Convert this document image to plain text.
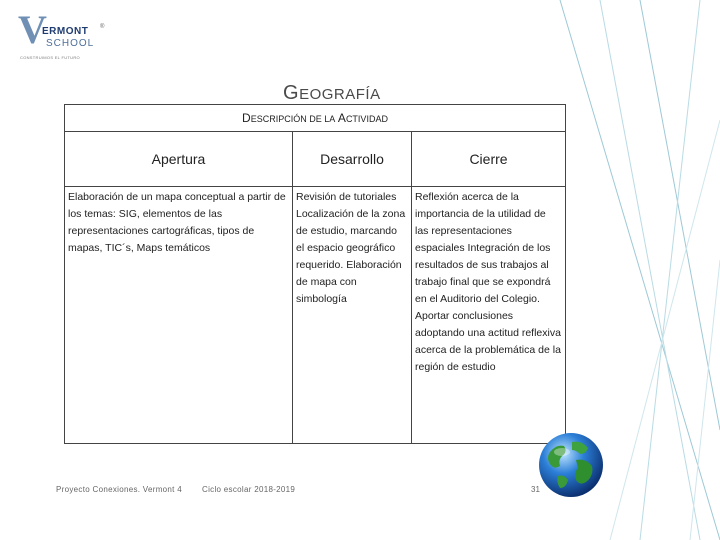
V
ERMONT
SCHOOL
®
CONSTRUIMOS EL FUTURO
GEOGRAFÍA
DESCRIPCIÓN DE LA ACTIVIDAD		
Apertura	Desarrollo	Cierre
Elaboración de un mapa conceptual a partir de los temas: SIG, elementos de las representaciones cartográficas, tipos de mapas, TIC´s, Maps temáticos	Revisión de tutoriales Localización de la zona de estudio, marcando el espacio geográfico requerido. Elaboración de mapa con simbología	Reflexión acerca de la importancia de la utilidad de las representaciones espaciales Integración de los resultados de sus trabajos al trabajo final que se expondrá en el Auditorio del Colegio. Aportar conclusiones adoptando una actitud reflexiva acerca de la problemática de la región de estudio
Proyecto Conexiones. Vermont 4	Ciclo escolar 2018-2019	31
